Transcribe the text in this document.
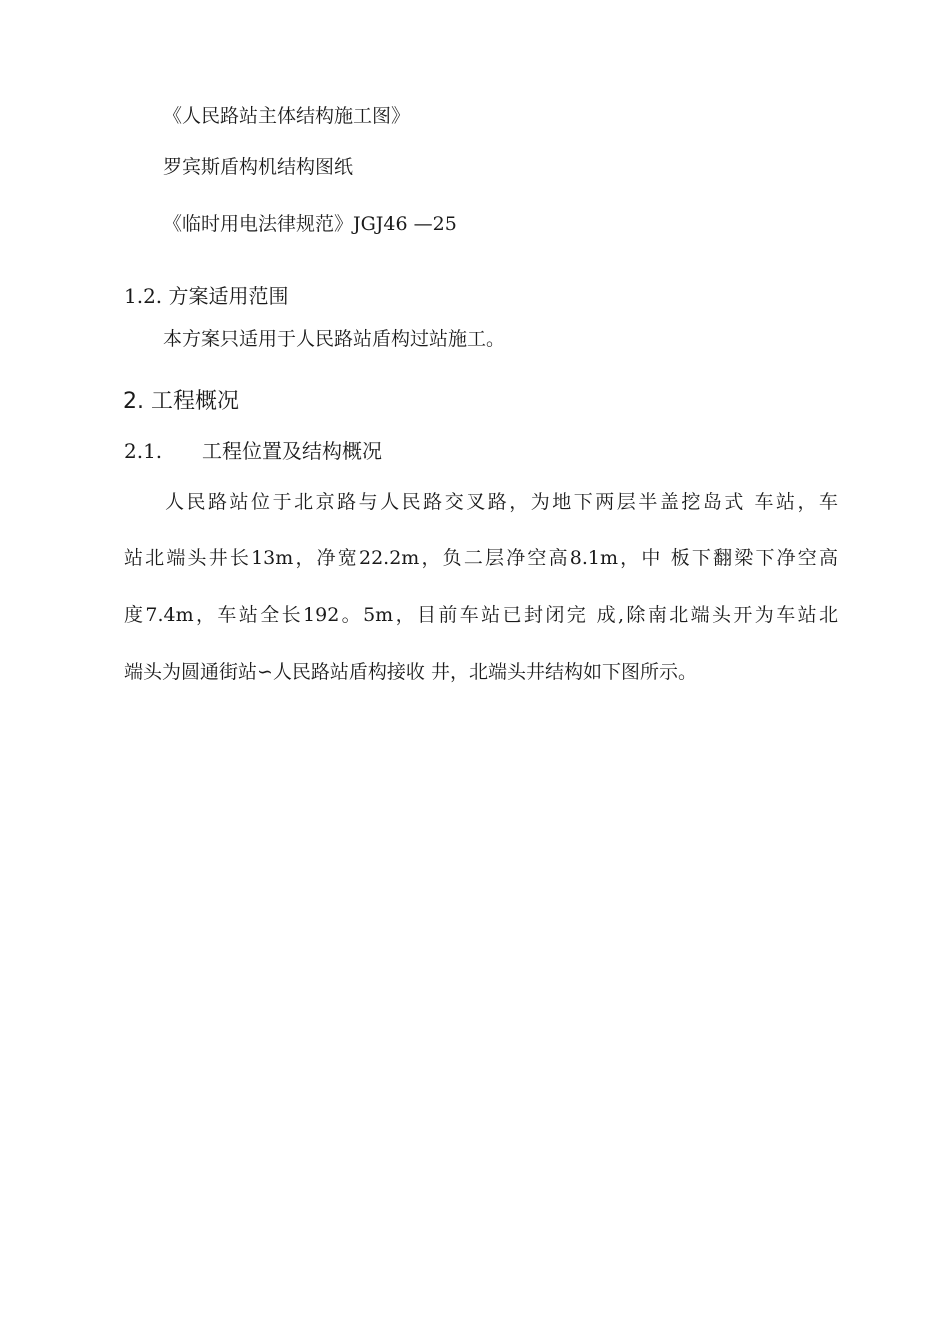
《人民路站主体结构施工图》
罗宾斯盾构机结构图纸
《临时用电法律规范》JGJ46 —25
1.2. 方案适用范围
本方案只适用于人民路站盾构过站施工。
2. 工程概况
2.1. 工程位置及结构概况
人民路站位于北京路与人民路交叉路，为地下两层半盖挖岛式 车站，车
站北端头井长13m，净宽22.2m，负二层净空高8.1m，中 板下翻梁下净空高
度7.4m，车站全长192。5m，目前车站已封闭完 成,除南北端头开为车站北
端头为圆通街站∽人民路站盾构接收 井，北端头井结构如下图所示。
